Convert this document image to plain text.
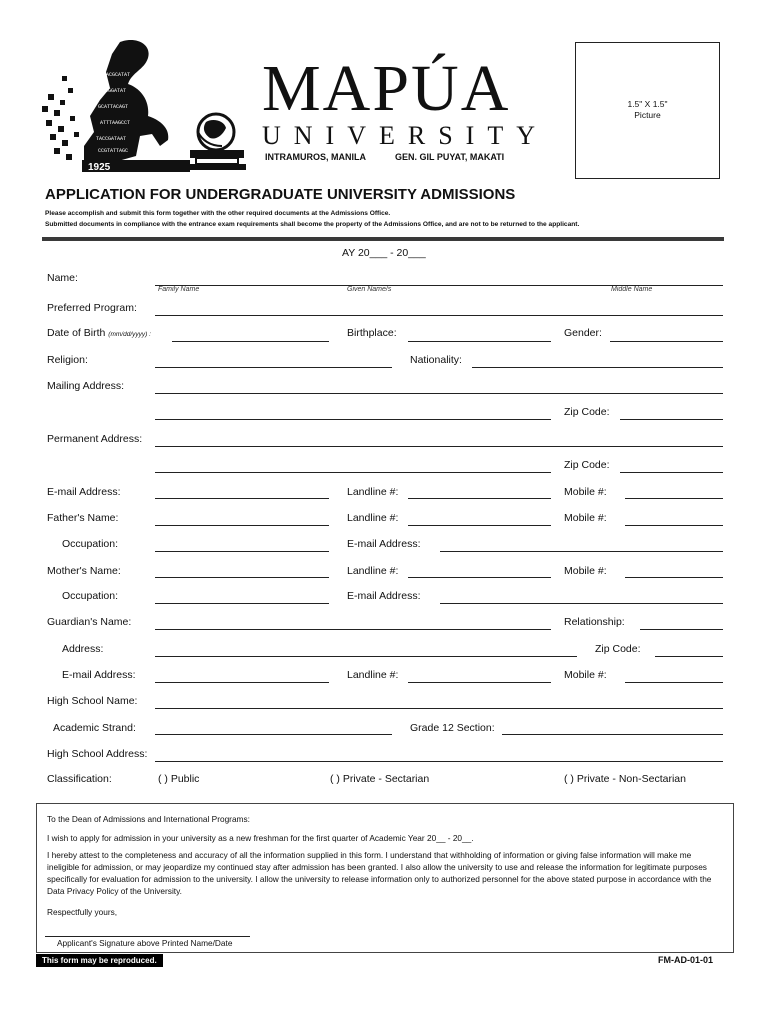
TTACGCATAT
AATCGGATAT
GCATTACAGT
ATTTAAGCCT
TACCGATAAT
CCGTATTAGC
1925
MAPÚA
UNIVERSITY
INTRAMUROS, MANILA	GEN. GIL PUYAT, MAKATI
1.5" X 1.5"
Picture
APPLICATION FOR UNDERGRADUATE UNIVERSITY ADMISSIONS
Please accomplish and submit this form together with the other required documents at the Admissions Office.
Submitted documents in compliance with the entrance exam requirements shall become the property of the Admissions Office, and are not to be returned to the applicant.
AY 20___ - 20___
Name:
Family Name	Given Name/s	Middle Name
Preferred Program:
Date of Birth (mm/dd/yyyy) :	Birthplace:	Gender:
Religion:	Nationality:
Mailing Address:
Zip Code:
Permanent Address:
Zip Code:
E-mail Address:	Landline #:	Mobile #:
Father's Name:	Landline #:	Mobile #:
Occupation:	E-mail Address:
Mother's Name:	Landline #:	Mobile #:
Occupation:	E-mail Address:
Guardian's Name:	Relationship:
Address:	Zip Code:
E-mail Address:	Landline #:	Mobile #:
High School Name:
Academic Strand:	Grade 12 Section:
High School Address:
Classification:	( ) Public	( ) Private - Sectarian	( ) Private - Non-Sectarian

To the Dean of Admissions and International Programs:

I wish to apply for admission in your university as a new freshman for the first quarter of Academic Year 20__ - 20__.

I hereby attest to the completeness and accuracy of all the information supplied in this form. I understand that withholding of information or giving false information will make me ineligible for admission, or may jeopardize my continued stay after admission has been granted. I also allow the university to use and release the information for legitimate purposes specifically for evaluation for admission to the university. I allow the university to release information only to authorized personnel for the above stated purpose in accordance with the Data Privacy Policy of the University.

Respectfully yours,

Applicant's Signature above Printed Name/Date

This form may be reproduced.	FM-AD-01-01
